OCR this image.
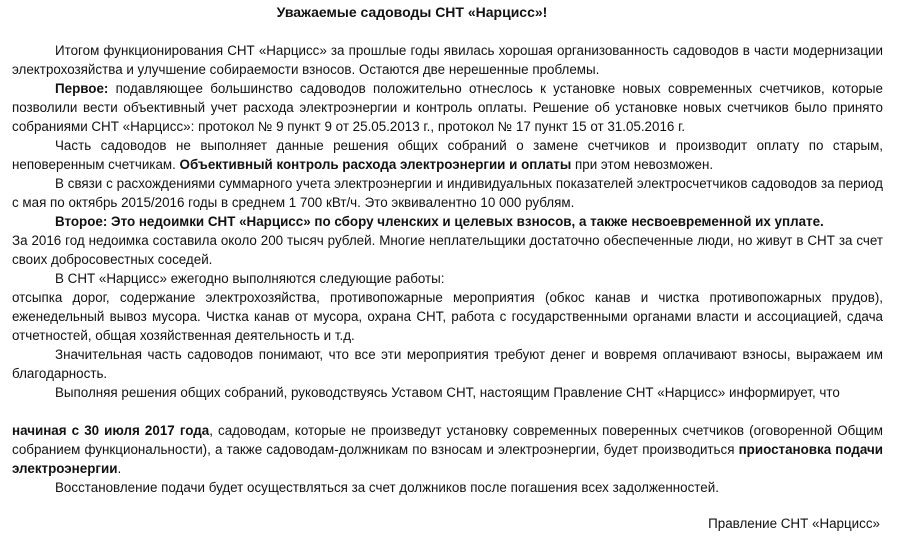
Уважаемые садоводы СНТ «Нарцисс»!

Итогом функционирования СНТ «Нарцисс» за прошлые годы явилась хорошая организованность садоводов в части модернизации электрохозяйства и улучшение собираемости взносов. Остаются две нерешенные проблемы.

Первое: подавляющее большинство садоводов положительно отнеслось к установке новых современных счетчиков, которые позволили вести объективный учет расхода электроэнергии и контроль оплаты. Решение об установке новых счетчиков было принято собраниями СНТ «Нарцисс»: протокол № 9 пункт 9 от 25.05.2013 г., протокол № 17 пункт 15 от 31.05.2016 г.

Часть садоводов не выполняет данные решения общих собраний о замене счетчиков и производит оплату по старым, неповеренным счетчикам. Объективный контроль расхода электроэнергии и оплаты при этом невозможен.

В связи с расхождениями суммарного учета электроэнергии и индивидуальных показателей электросчетчиков садоводов за период с мая по октябрь 2015/2016 годы в среднем 1 700 кВт/ч. Это эквивалентно 10 000 рублям.

Второе: Это недоимки СНТ «Нарцисс» по сбору членских и целевых взносов, а также несвоевременной их уплате.

За 2016 год недоимка составила около 200 тысяч рублей. Многие неплательщики достаточно обеспеченные люди, но живут в СНТ за счет своих добросовестных соседей.

В СНТ «Нарцисс» ежегодно выполняются следующие работы:

отсыпка дорог, содержание электрохозяйства, противопожарные мероприятия (обкос канав и чистка противопожарных прудов), еженедельный вывоз мусора. Чистка канав от мусора, охрана СНТ, работа с государственными органами власти и ассоциацией, сдача отчетностей, общая хозяйственная деятельность и т.д.

Значительная часть садоводов понимают, что все эти мероприятия требуют денег и вовремя оплачивают взносы, выражаем им благодарность.

Выполняя решения общих собраний, руководствуясь Уставом СНТ, настоящим Правление СНТ «Нарцисс» информирует, что

начиная с 30 июля 2017 года, садоводам, которые не произведут установку современных поверенных счетчиков (оговоренной Общим собранием функциональности), а также садоводам-должникам по взносам и электроэнергии, будет производиться приостановка подачи электроэнергии.

Восстановление подачи будет осуществляться за счет должников после погашения всех задолженностей.

Правление СНТ «Нарцисс»
